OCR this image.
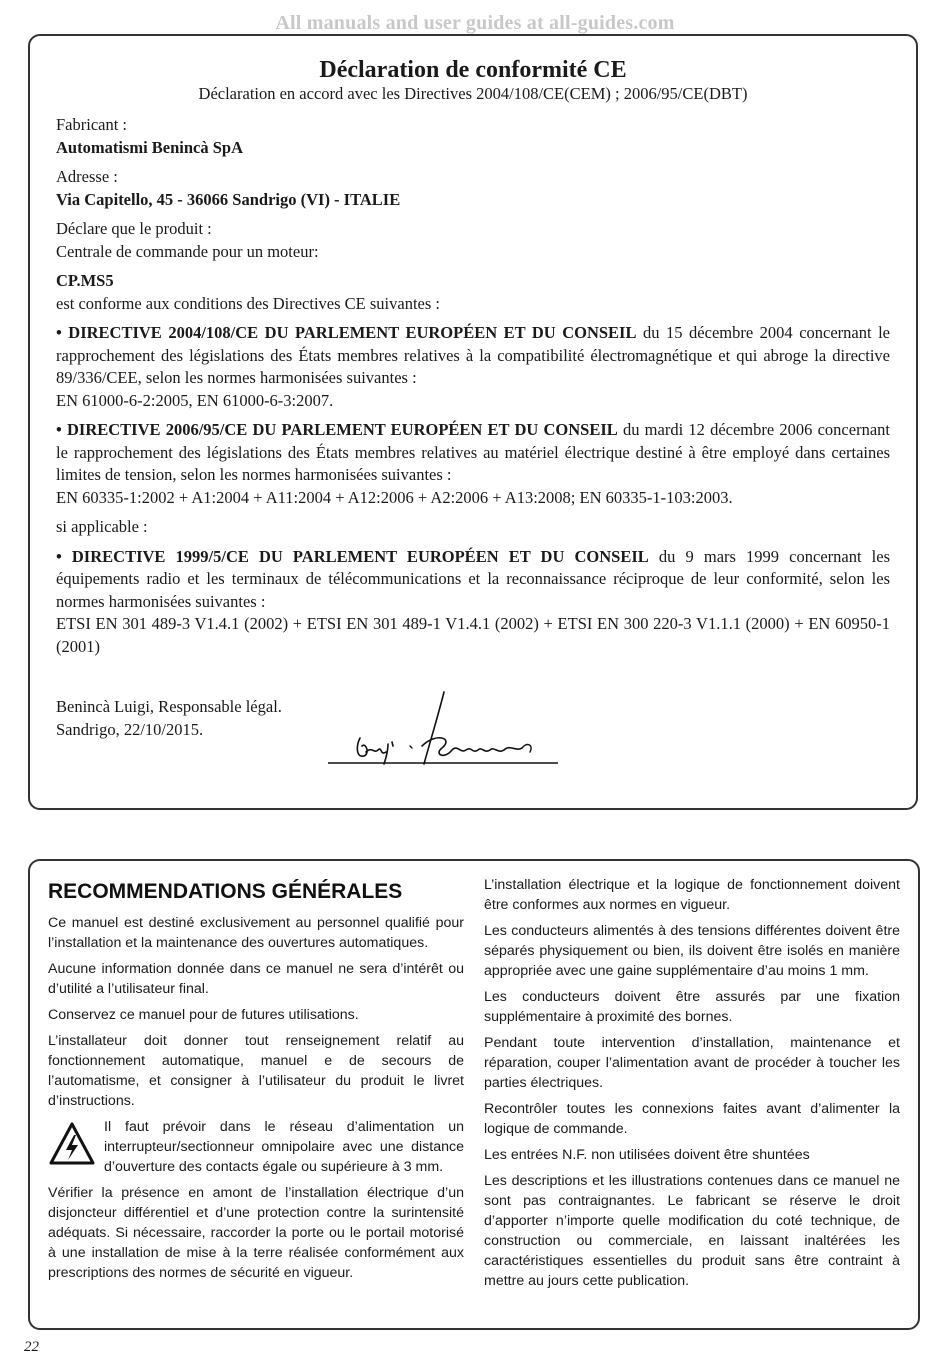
All manuals and user guides at all-guides.com
Déclaration de conformité CE

Déclaration en accord avec les Directives 2004/108/CE(CEM) ; 2006/95/CE(DBT)

Fabricant :
Automatismi Benincà SpA

Adresse :
Via Capitello, 45 - 36066 Sandrigo (VI) - ITALIE

Déclare que le produit :
Centrale de commande pour un moteur:

CP.MS5
est conforme aux conditions des Directives CE suivantes :

• DIRECTIVE 2004/108/CE DU PARLEMENT EUROPÉEN ET DU CONSEIL du 15 décembre 2004 concernant le rapprochement des législations des États membres relatives à la compatibilité électromagnétique et qui abroge la directive 89/336/CEE, selon les normes harmonisées suivantes :
EN 61000-6-2:2005, EN 61000-6-3:2007.

• DIRECTIVE 2006/95/CE DU PARLEMENT EUROPÉEN ET DU CONSEIL du mardi 12 décembre 2006 concernant le rapprochement des législations des États membres relatives au matériel électrique destiné à être employé dans certaines limites de tension, selon les normes harmonisées suivantes :
EN 60335-1:2002 + A1:2004 + A11:2004 + A12:2006 + A2:2006 + A13:2008; EN 60335-1-103:2003.

si applicable :

• DIRECTIVE 1999/5/CE DU PARLEMENT EUROPÉEN ET DU CONSEIL du 9 mars 1999 concernant les équipements radio et les terminaux de télécommunications et la reconnaissance réciproque de leur conformité, selon les normes harmonisées suivantes :
ETSI EN 301 489-3 V1.4.1 (2002) + ETSI EN 301 489-1 V1.4.1 (2002) + ETSI EN 300 220-3 V1.1.1 (2000) + EN 60950-1 (2001)

Benincà Luigi, Responsable légal.
Sandrigo, 22/10/2015.

RECOMMENDATIONS GÉNÉRALES

Ce manuel est destiné exclusivement au personnel qualifié pour l’installation et la maintenance des ouvertures automatiques.

Aucune information donnée dans ce manuel ne sera d’intérêt ou d’utilité a l’utilisateur final.

Conservez ce manuel pour de futures utilisations.

L’installateur doit donner tout renseignement relatif au fonctionnement automatique, manuel e de secours de l’automatisme, et consigner à l’utilisateur du produit le livret d’instructions.

Il faut prévoir dans le réseau d’alimentation un interrupteur/sectionneur omnipolaire avec une distance d’ouverture des contacts égale ou supérieure à 3 mm.

Vérifier la présence en amont de l’installation électrique d’un disjoncteur différentiel et d’une protection contre la surintensité adéquats. Si nécessaire, raccorder la porte ou le portail motorisé à une installation de mise à la terre réalisée conformément aux prescriptions des normes de sécurité en vigueur.

L’installation électrique et la logique de fonctionnement doivent être conformes aux normes en vigueur.

Les conducteurs alimentés à des tensions différentes doivent être séparés physiquement ou bien, ils doivent être isolés en manière appropriée avec une gaine supplémentaire d’au moins 1 mm.

Les conducteurs doivent être assurés par une fixation supplémentaire à proximité des bornes.

Pendant toute intervention d’installation, maintenance et réparation, couper l’alimentation avant de procéder à toucher les parties électriques.

Recontrôler toutes les connexions faites avant d’alimenter la logique de commande.

Les entrées N.F. non utilisées doivent être shuntées

Les descriptions et les illustrations contenues dans ce manuel ne sont pas contraignantes. Le fabricant se réserve le droit d’apporter n’importe quelle modification du coté technique, de construction ou commerciale, en laissant inaltérées les caractéristiques essentielles du produit sans être contraint à mettre au jours cette publication.

22
